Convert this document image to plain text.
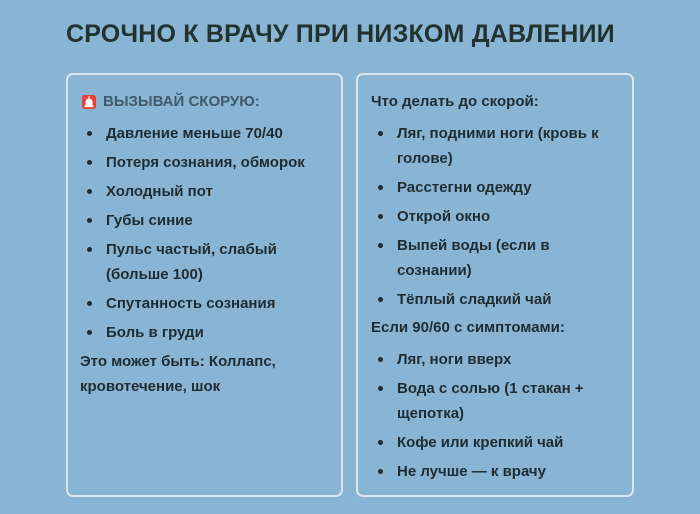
СРОЧНО К ВРАЧУ ПРИ НИЗКОМ ДАВЛЕНИИ
ВЫЗЫВАЙ СКОРУЮ:
Давление меньше 70/40
Потеря сознания, обморок
Холодный пот
Губы синие
Пульс частый, слабый (больше 100)
Спутанность сознания
Боль в груди

Это может быть: Коллапс, кровотечение, шок

Что делать до скорой:
Ляг, подними ноги (кровь к голове)
Расстегни одежду
Открой окно
Выпей воды (если в сознании)
Тёплый сладкий чай
Если 90/60 с симптомами:
Ляг, ноги вверх
Вода с солью (1 стакан + щепотка)
Кофе или крепкий чай
Не лучше — к врачу
